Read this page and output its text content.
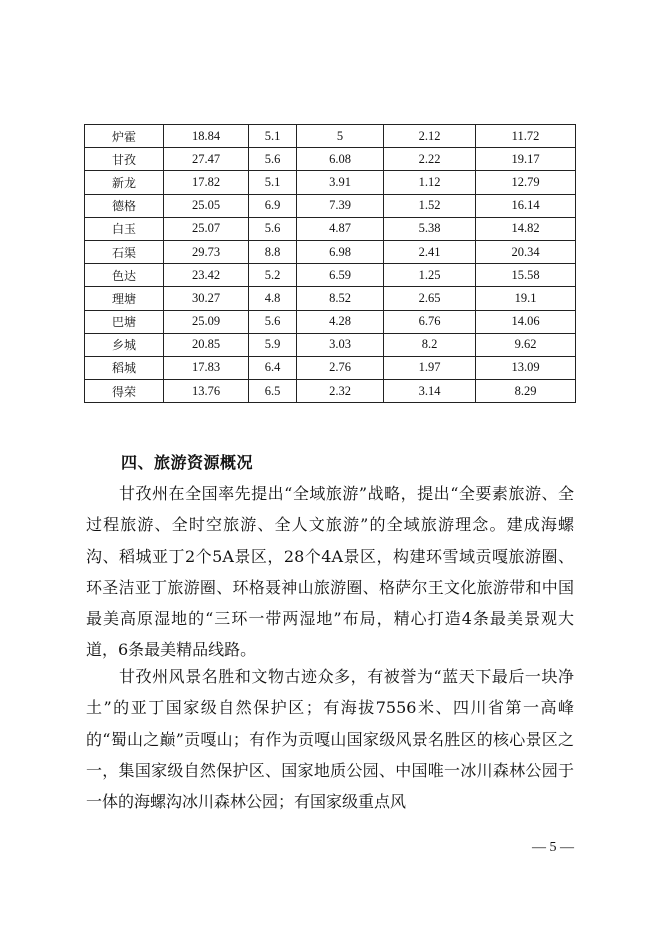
炉霍	18.84	5.1	5	2.12	11.72
甘孜	27.47	5.6	6.08	2.22	19.17
新龙	17.82	5.1	3.91	1.12	12.79
德格	25.05	6.9	7.39	1.52	16.14
白玉	25.07	5.6	4.87	5.38	14.82
石渠	29.73	8.8	6.98	2.41	20.34
色达	23.42	5.2	6.59	1.25	15.58
理塘	30.27	4.8	8.52	2.65	19.1
巴塘	25.09	5.6	4.28	6.76	14.06
乡城	20.85	5.9	3.03	8.2	9.62
稻城	17.83	6.4	2.76	1.97	13.09
得荣	13.76	6.5	2.32	3.14	8.29
四、旅游资源概况
甘孜州在全国率先提出“全域旅游”战略，提出“全要素旅游、全过程旅游、全时空旅游、全人文旅游”的全域旅游理念。建成海螺沟、稻城亚丁2个5A景区，28个4A景区，构建环雪域贡嘎旅游圈、环圣洁亚丁旅游圈、环格聂神山旅游圈、格萨尔王文化旅游带和中国最美高原湿地的“三环一带两湿地”布局，精心打造4条最美景观大道，6条最美精品线路。
甘孜州风景名胜和文物古迹众多，有被誉为“蓝天下最后一块净土”的亚丁国家级自然保护区；有海拔7556米、四川省第一高峰的“蜀山之巅”贡嘎山；有作为贡嘎山国家级风景名胜区的核心景区之一，集国家级自然保护区、国家地质公园、中国唯一冰川森林公园于一体的海螺沟冰川森林公园；有国家级重点风
— 5 —
